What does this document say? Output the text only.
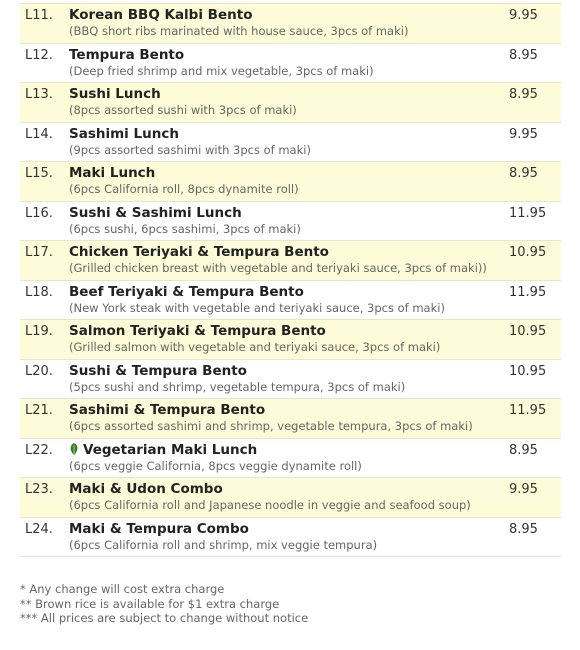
L11. Korean BBQ Kalbi Bento
(BBQ short ribs marinated with house sauce, 3pcs of maki)
9.95
L12. Tempura Bento
(Deep fried shrimp and mix vegetable, 3pcs of maki)
8.95
L13. Sushi Lunch
(8pcs assorted sushi with 3pcs of maki)
8.95
L14. Sashimi Lunch
(9pcs assorted sashimi with 3pcs of maki)
9.95
L15. Maki Lunch
(6pcs California roll, 8pcs dynamite roll)
8.95
L16. Sushi & Sashimi Lunch
(6pcs sushi, 6pcs sashimi, 3pcs of maki)
11.95
L17. Chicken Teriyaki & Tempura Bento
(Grilled chicken breast with vegetable and teriyaki sauce, 3pcs of maki))
10.95
L18. Beef Teriyaki & Tempura Bento
(New York steak with vegetable and teriyaki sauce, 3pcs of maki)
11.95
L19. Salmon Teriyaki & Tempura Bento
(Grilled salmon with vegetable and teriyaki sauce, 3pcs of maki)
10.95
L20. Sushi & Tempura Bento
(5pcs sushi and shrimp, vegetable tempura, 3pcs of maki)
10.95
L21. Sashimi & Tempura Bento
(6pcs assorted sashimi and shrimp, vegetable tempura, 3pcs of maki)
11.95
L22.	Vegetarian Maki Lunch
(6pcs veggie California, 8pcs veggie dynamite roll)
8.95
L23. Maki & Udon Combo
(6pcs California roll and Japanese noodle in veggie and seafood soup)
9.95
L24. Maki & Tempura Combo
(6pcs California roll and shrimp, mix veggie tempura)
8.95
* Any change will cost extra charge
** Brown rice is available for $1 extra charge
*** All prices are subject to change without notice
